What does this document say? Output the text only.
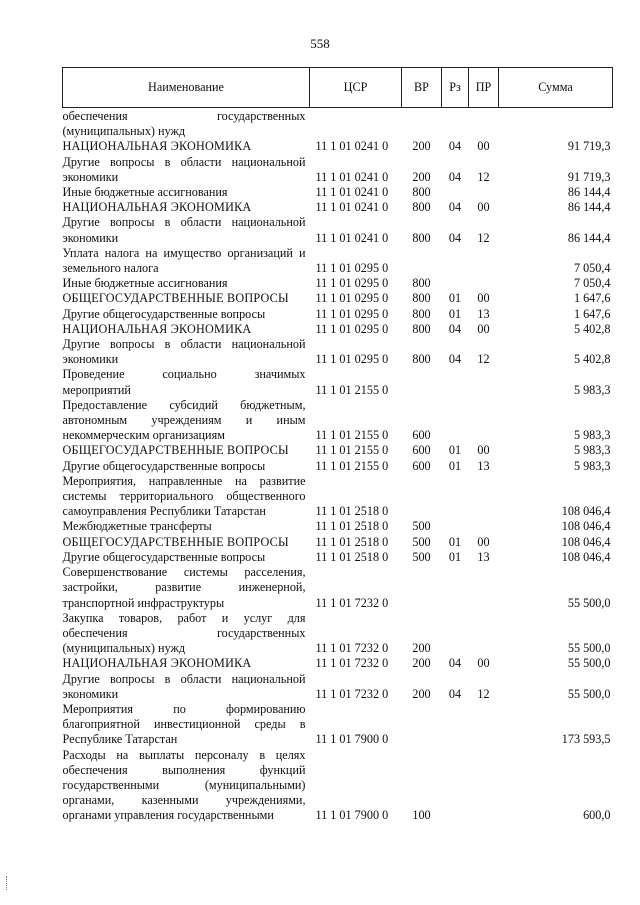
558
Наименование	ЦСР	ВР	Рз	ПР	Сумма
обеспечения государственных (муниципальных) нужд					
НАЦИОНАЛЬНАЯ ЭКОНОМИКА	11 1 01 0241 0	200	04	00	91 719,3
Другие вопросы в области национальной экономики	11 1 01 0241 0	200	04	12	91 719,3
Иные бюджетные ассигнования	11 1 01 0241 0	800			86 144,4
НАЦИОНАЛЬНАЯ ЭКОНОМИКА	11 1 01 0241 0	800	04	00	86 144,4
Другие вопросы в области национальной экономики	11 1 01 0241 0	800	04	12	86 144,4
Уплата налога на имущество организаций и земельного налога	11 1 01 0295 0				7 050,4
Иные бюджетные ассигнования	11 1 01 0295 0	800			7 050,4
ОБЩЕГОСУДАРСТВЕННЫЕ ВОПРОСЫ	11 1 01 0295 0	800	01	00	1 647,6
Другие общегосударственные вопросы	11 1 01 0295 0	800	01	13	1 647,6
НАЦИОНАЛЬНАЯ ЭКОНОМИКА	11 1 01 0295 0	800	04	00	5 402,8
Другие вопросы в области национальной экономики	11 1 01 0295 0	800	04	12	5 402,8
Проведение социально значимых мероприятий	11 1 01 2155 0				5 983,3
Предоставление субсидий бюджетным, автономным учреждениям и иным некоммерческим организациям	11 1 01 2155 0	600			5 983,3
ОБЩЕГОСУДАРСТВЕННЫЕ ВОПРОСЫ	11 1 01 2155 0	600	01	00	5 983,3
Другие общегосударственные вопросы	11 1 01 2155 0	600	01	13	5 983,3
Мероприятия, направленные на развитие системы территориального общественного самоуправления Республики Татарстан	11 1 01 2518 0				108 046,4
Межбюджетные трансферты	11 1 01 2518 0	500			108 046,4
ОБЩЕГОСУДАРСТВЕННЫЕ ВОПРОСЫ	11 1 01 2518 0	500	01	00	108 046,4
Другие общегосударственные вопросы	11 1 01 2518 0	500	01	13	108 046,4
Совершенствование системы расселения, застройки, развитие инженерной, транспортной инфраструктуры	11 1 01 7232 0				55 500,0
Закупка товаров, работ и услуг для обеспечения государственных (муниципальных) нужд	11 1 01 7232 0	200			55 500,0
НАЦИОНАЛЬНАЯ ЭКОНОМИКА	11 1 01 7232 0	200	04	00	55 500,0
Другие вопросы в области национальной экономики	11 1 01 7232 0	200	04	12	55 500,0
Мероприятия по формированию благоприятной инвестиционной среды в Республике Татарстан	11 1 01 7900 0				173 593,5
Расходы на выплаты персоналу в целях обеспечения выполнения функций государственными (муниципальными) органами, казенными учреждениями, органами управления государственными	11 1 01 7900 0	100			600,0
